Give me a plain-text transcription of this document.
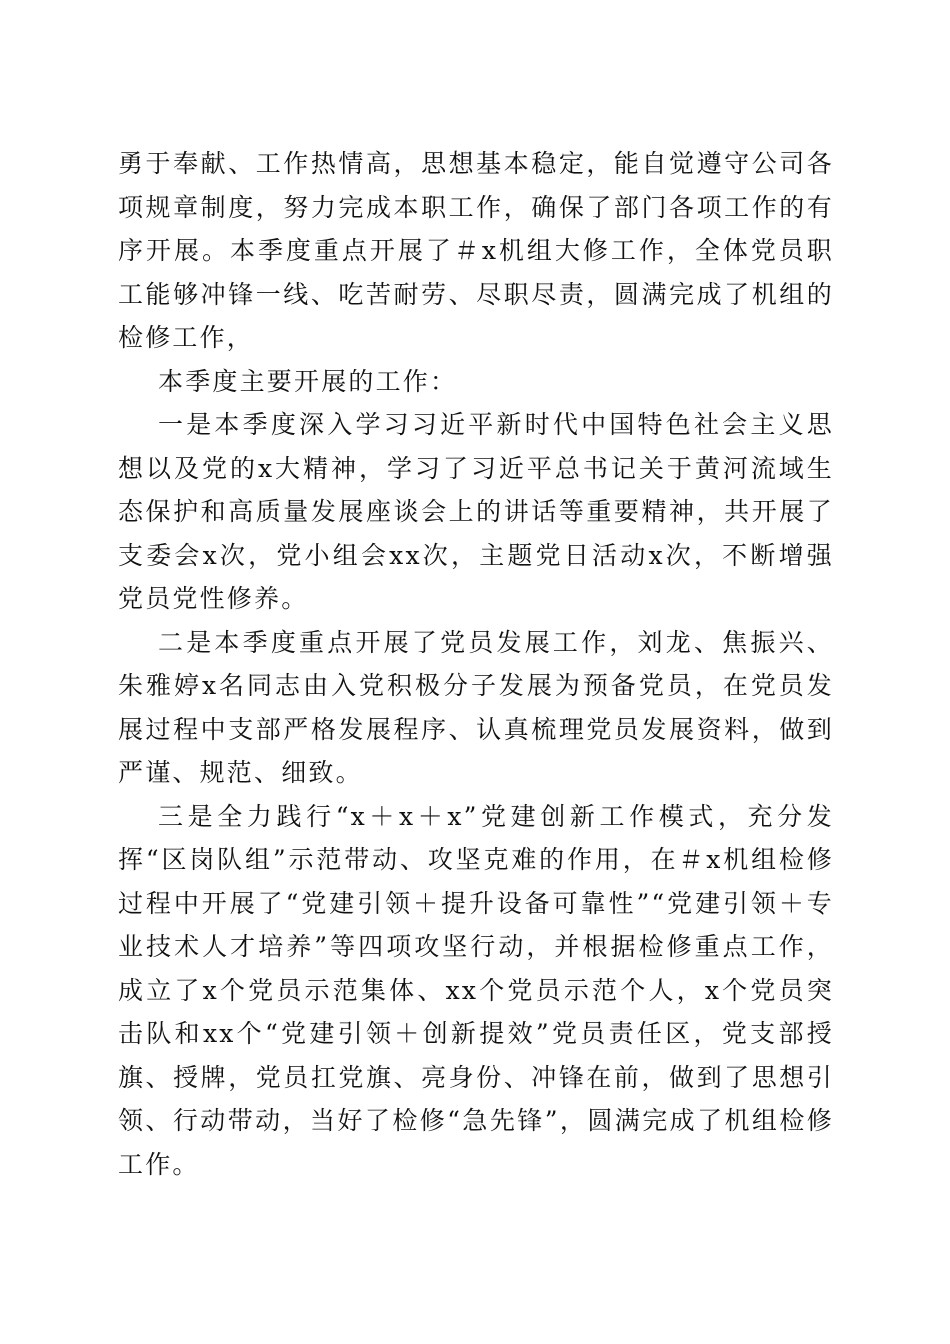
勇于奉献、工作热情高，思想基本稳定，能自觉遵守公司各项规章制度，努力完成本职工作，确保了部门各项工作的有序开展。本季度重点开展了＃x机组大修工作，全体党员职工能够冲锋一线、吃苦耐劳、尽职尽责，圆满完成了机组的检修工作，

本季度主要开展的工作：

一是本季度深入学习习近平新时代中国特色社会主义思想以及党的x大精神，学习了习近平总书记关于黄河流域生态保护和高质量发展座谈会上的讲话等重要精神，共开展了支委会x次，党小组会xx次，主题党日活动x次，不断增强党员党性修养。

二是本季度重点开展了党员发展工作，刘龙、焦振兴、朱雅婷x名同志由入党积极分子发展为预备党员，在党员发展过程中支部严格发展程序、认真梳理党员发展资料，做到严谨、规范、细致。

三是全力践行“x＋x＋x”党建创新工作模式，充分发挥“区岗队组”示范带动、攻坚克难的作用，在＃x机组检修过程中开展了“党建引领＋提升设备可靠性”“党建引领＋专业技术人才培养”等四项攻坚行动，并根据检修重点工作，成立了x个党员示范集体、xx个党员示范个人，x个党员突击队和xx个“党建引领＋创新提效”党员责任区，党支部授旗、授牌，党员扛党旗、亮身份、冲锋在前，做到了思想引领、行动带动，当好了检修“急先锋”，圆满完成了机组检修工作。
